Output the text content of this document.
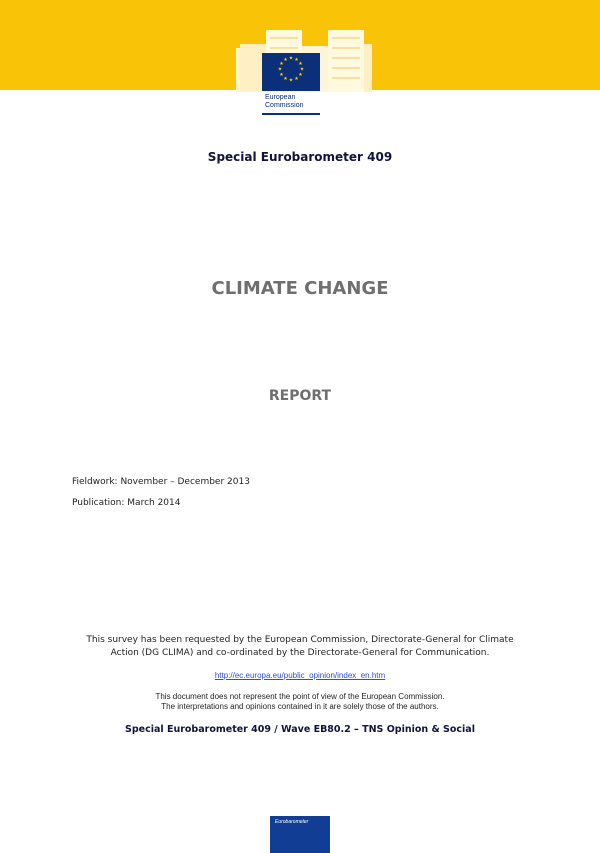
★ ★
★
★
★
★
★
★
★
★
★
★
European
Commission
Special Eurobarometer 409
CLIMATE CHANGE
REPORT
Fieldwork: November – December 2013
Publication: March 2014
This survey has been requested by the European Commission, Directorate-General for Climate Action (DG CLIMA) and co-ordinated by the Directorate-General for Communication.
http://ec.europa.eu/public_opinion/index_en.htm
This document does not represent the point of view of the European Commission.
The interpretations and opinions contained in it are solely those of the authors.
Special Eurobarometer 409 / Wave EB80.2 – TNS Opinion & Social
Eurobarometer
